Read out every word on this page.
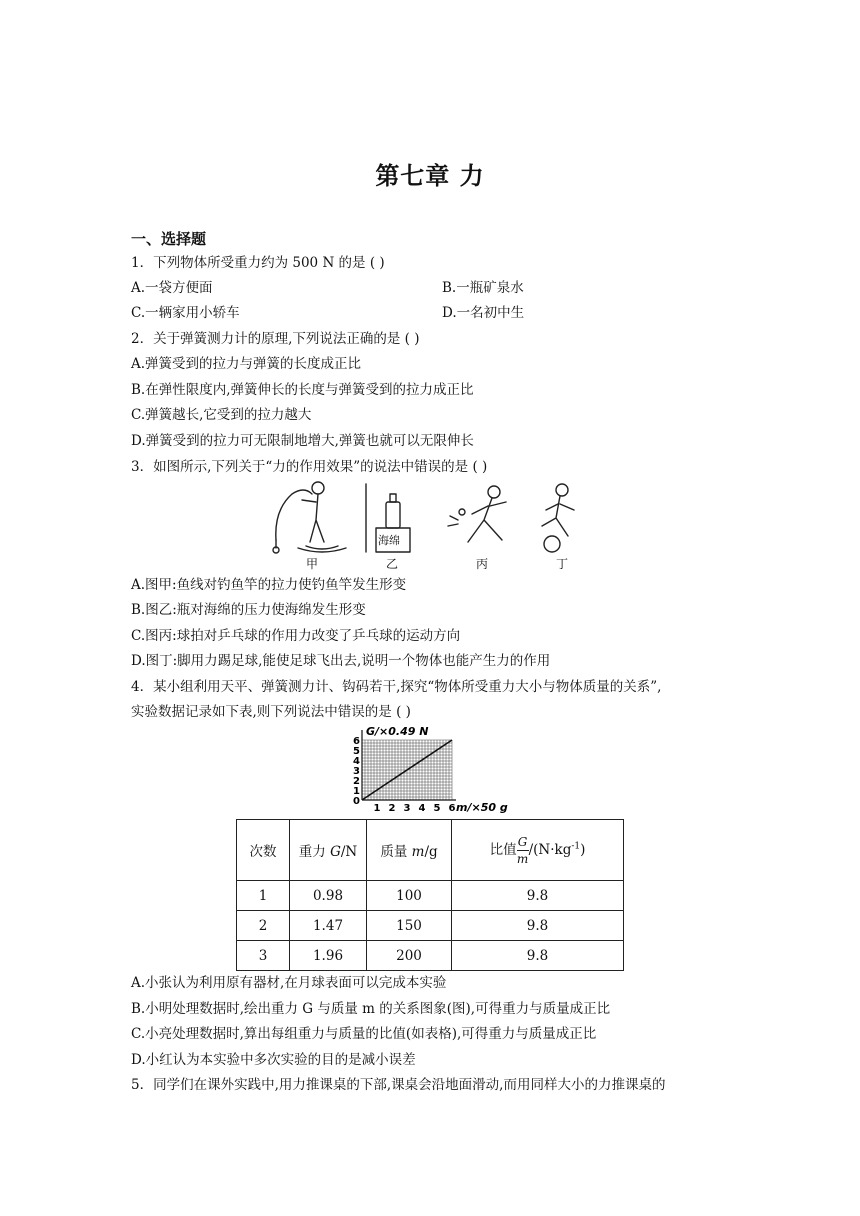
第七章 力
一、选择题
1．下列物体所受重力约为 500 N 的是 ( )
A.一袋方便面	B.一瓶矿泉水
C.一辆家用小轿车	D.一名初中生
2．关于弹簧测力计的原理,下列说法正确的是 ( )
A.弹簧受到的拉力与弹簧的长度成正比
B.在弹性限度内,弹簧伸长的长度与弹簧受到的拉力成正比
C.弹簧越长,它受到的拉力越大
D.弹簧受到的拉力可无限制地增大,弹簧也就可以无限伸长
3．如图所示,下列关于“力的作用效果”的说法中错误的是 ( )
海绵
甲	乙	丙	丁
A.图甲:鱼线对钓鱼竿的拉力使钓鱼竿发生形变
B.图乙:瓶对海绵的压力使海绵发生形变
C.图丙:球拍对乒乓球的作用力改变了乒乓球的运动方向
D.图丁:脚用力踢足球,能使足球飞出去,说明一个物体也能产生力的作用
4．某小组利用天平、弹簧测力计、钩码若干,探究“物体所受重力大小与物体质量的关系”,
实验数据记录如下表,则下列说法中错误的是 ( )
G/×0.49 N
m/×50 g
0
1
2
3
4
5
6
1 2 3 4 5 6
次数	重力 G/N	质量 m/g	比值 $\frac{G}{m} /(N\cdot kg^{-1})$
1	0.98	100	9.8
2	1.47	150	9.8
3	1.96	200	9.8
A.小张认为利用原有器材,在月球表面可以完成本实验
B.小明处理数据时,绘出重力 G 与质量 m 的关系图象(图),可得重力与质量成正比
C.小亮处理数据时,算出每组重力与质量的比值(如表格),可得重力与质量成正比
D.小红认为本实验中多次实验的目的是减小误差
5．同学们在课外实践中,用力推课桌的下部,课桌会沿地面滑动,而用同样大小的力推课桌的
